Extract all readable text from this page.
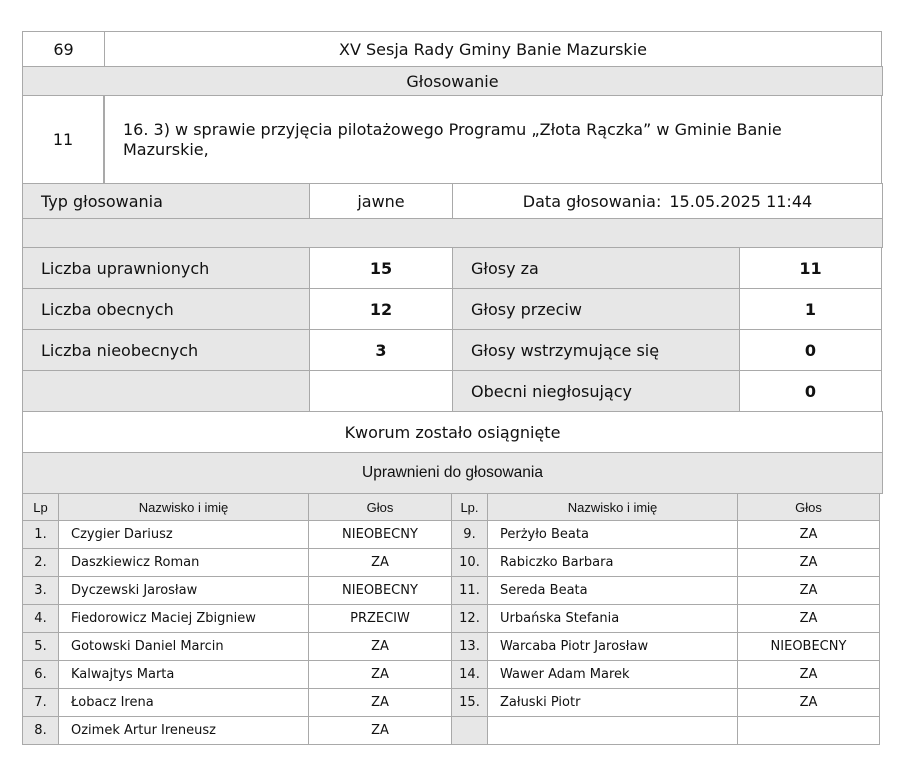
69	XV Sesja Rady Gminy Banie Mazurskie
Głosowanie
11
16. 3) w sprawie przyjęcia pilotażowego Programu „Złota Rączka” w Gminie Banie Mazurskie,
Typ głosowania	jawne	Data głosowania: 15.05.2025 11:44
Liczba uprawnionych	15	Głosy za	11
Liczba obecnych	12	Głosy przeciw	1
Liczba nieobecnych	3	Głosy wstrzymujące się	0
Obecni niegłosujący	0
Kworum zostało osiągnięte
Uprawnieni do głosowania
Lp	Nazwisko i imię	Głos	Lp.	Nazwisko i imię	Głos
1.	Czygier Dariusz	NIEOBECNY	9.	Perżyło Beata	ZA
2.	Daszkiewicz Roman	ZA	10.	Rabiczko Barbara	ZA
3.	Dyczewski Jarosław	NIEOBECNY	11.	Sereda Beata	ZA
4.	Fiedorowicz Maciej Zbigniew	PRZECIW	12.	Urbańska Stefania	ZA
5.	Gotowski Daniel Marcin	ZA	13.	Warcaba Piotr Jarosław	NIEOBECNY
6.	Kalwajtys Marta	ZA	14.	Wawer Adam Marek	ZA
7.	Łobacz Irena	ZA	15.	Załuski Piotr	ZA
8.	Ozimek Artur Ireneusz	ZA
